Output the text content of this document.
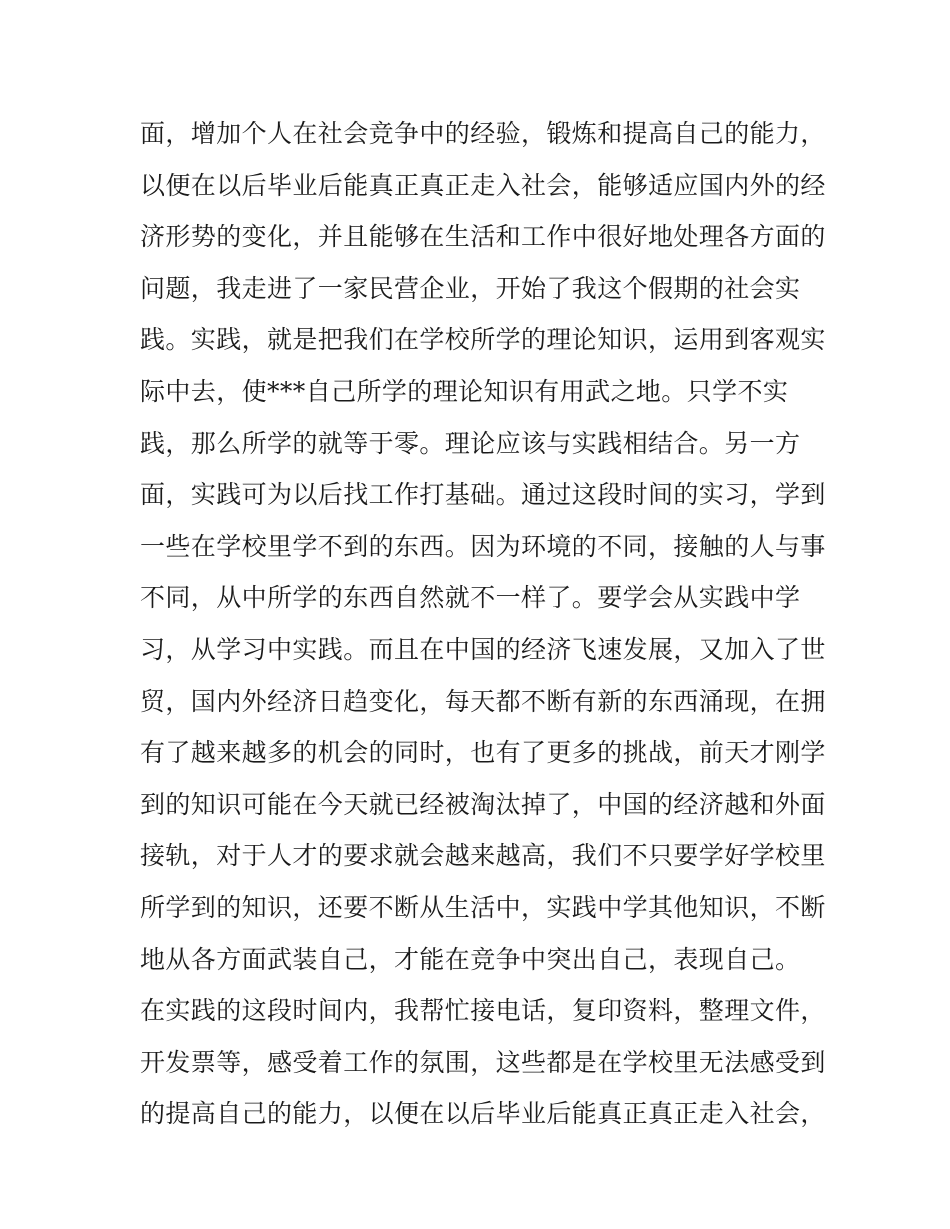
面，增加个人在社会竞争中的经验，锻炼和提高自己的能力，
以便在以后毕业后能真正真正走入社会，能够适应国内外的经
济形势的变化，并且能够在生活和工作中很好地处理各方面的
问题，我走进了一家民营企业，开始了我这个假期的社会实
践。实践，就是把我们在学校所学的理论知识，运用到客观实
际中去，使***自己所学的理论知识有用武之地。只学不实
践，那么所学的就等于零。理论应该与实践相结合。另一方
面，实践可为以后找工作打基础。通过这段时间的实习，学到
一些在学校里学不到的东西。因为环境的不同，接触的人与事
不同，从中所学的东西自然就不一样了。要学会从实践中学
习，从学习中实践。而且在中国的经济飞速发展，又加入了世
贸，国内外经济日趋变化，每天都不断有新的东西涌现，在拥
有了越来越多的机会的同时，也有了更多的挑战，前天才刚学
到的知识可能在今天就已经被淘汰掉了，中国的经济越和外面
接轨，对于人才的要求就会越来越高，我们不只要学好学校里
所学到的知识，还要不断从生活中，实践中学其他知识，不断
地从各方面武装自己，才能在竞争中突出自己，表现自己。
在实践的这段时间内，我帮忙接电话，复印资料，整理文件，
开发票等，感受着工作的氛围，这些都是在学校里无法感受到
的提高自己的能力，以便在以后毕业后能真正真正走入社会，
